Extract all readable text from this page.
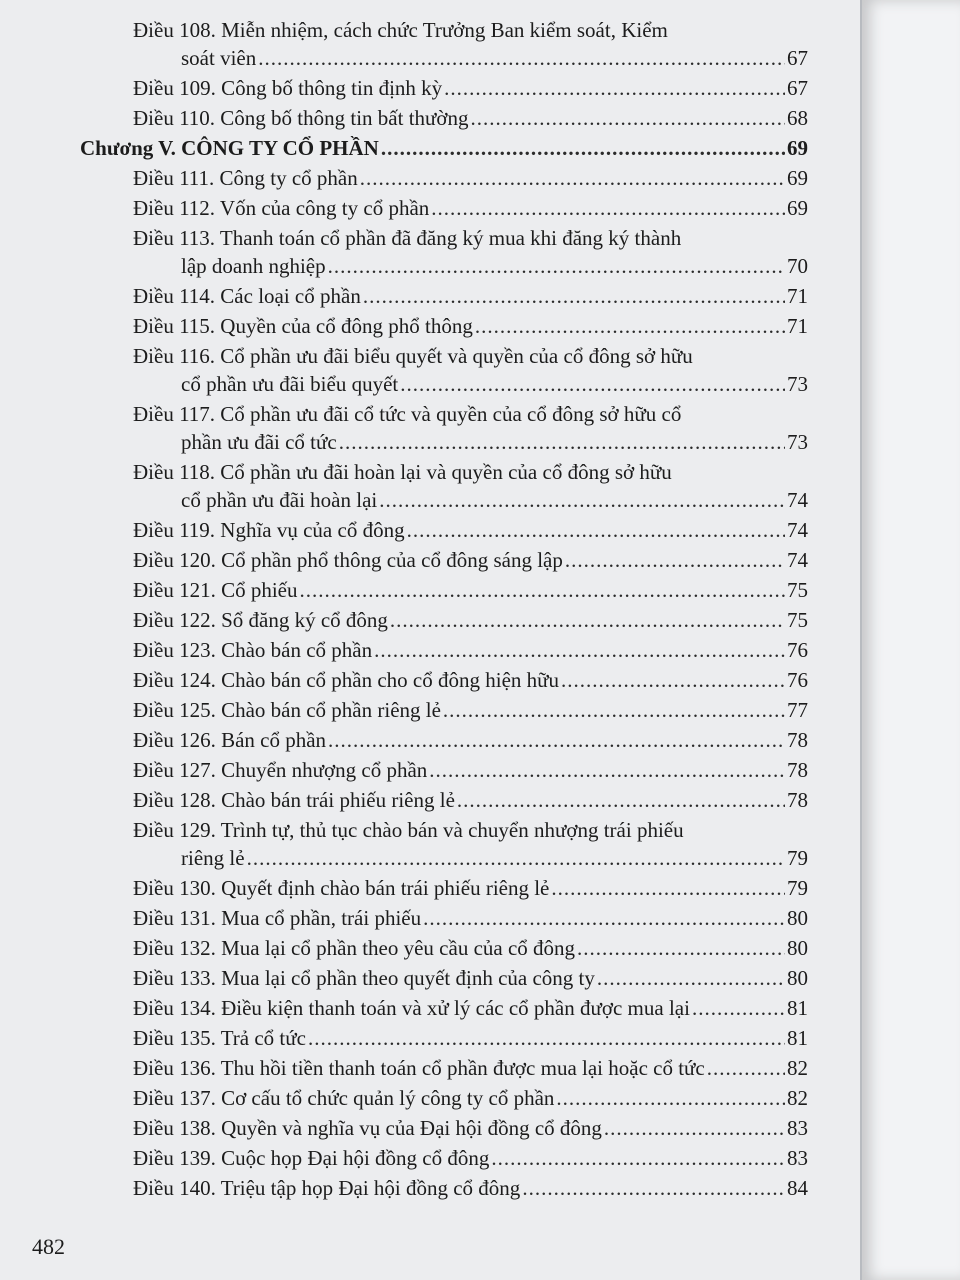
Điều 108. Miễn nhiệm, cách chức Trưởng Ban kiểm soát, Kiểm
soát viên .....	67
Điều 109. Công bố thông tin định kỳ .....	67
Điều 110. Công bố thông tin bất thường .....	68
Chương V. CÔNG TY CỔ PHẦN .....	69
Điều 111. Công ty cổ phần .....	69
Điều 112. Vốn của công ty cổ phần .....	69
Điều 113. Thanh toán cổ phần đã đăng ký mua khi đăng ký thành
lập doanh nghiệp .....	70
Điều 114. Các loại cổ phần .....	71
Điều 115. Quyền của cổ đông phổ thông .....	71
Điều 116. Cổ phần ưu đãi biểu quyết và quyền của cổ đông sở hữu
cổ phần ưu đãi biểu quyết .....	73
Điều 117. Cổ phần ưu đãi cổ tức và quyền của cổ đông sở hữu cổ
phần ưu đãi cổ tức .....	73
Điều 118. Cổ phần ưu đãi hoàn lại và quyền của cổ đông sở hữu
cổ phần ưu đãi hoàn lại .....	74
Điều 119. Nghĩa vụ của cổ đông .....	74
Điều 120. Cổ phần phổ thông của cổ đông sáng lập .....	74
Điều 121. Cổ phiếu .....	75
Điều 122. Sổ đăng ký cổ đông .....	75
Điều 123. Chào bán cổ phần .....	76
Điều 124. Chào bán cổ phần cho cổ đông hiện hữu .....	76
Điều 125. Chào bán cổ phần riêng lẻ .....	77
Điều 126. Bán cổ phần .....	78
Điều 127. Chuyển nhượng cổ phần .....	78
Điều 128. Chào bán trái phiếu riêng lẻ .....	78
Điều 129. Trình tự, thủ tục chào bán và chuyển nhượng trái phiếu
riêng lẻ .....	79
Điều 130. Quyết định chào bán trái phiếu riêng lẻ .....	79
Điều 131. Mua cổ phần, trái phiếu .....	80
Điều 132. Mua lại cổ phần theo yêu cầu của cổ đông .....	80
Điều 133. Mua lại cổ phần theo quyết định của công ty .....	80
Điều 134. Điều kiện thanh toán và xử lý các cổ phần được mua lại .....	81
Điều 135. Trả cổ tức .....	81
Điều 136. Thu hồi tiền thanh toán cổ phần được mua lại hoặc cổ tức .....	82
Điều 137. Cơ cấu tổ chức quản lý công ty cổ phần .....	82
Điều 138. Quyền và nghĩa vụ của Đại hội đồng cổ đông .....	83
Điều 139. Cuộc họp Đại hội đồng cổ đông .....	83
Điều 140. Triệu tập họp Đại hội đồng cổ đông .....	84
482
